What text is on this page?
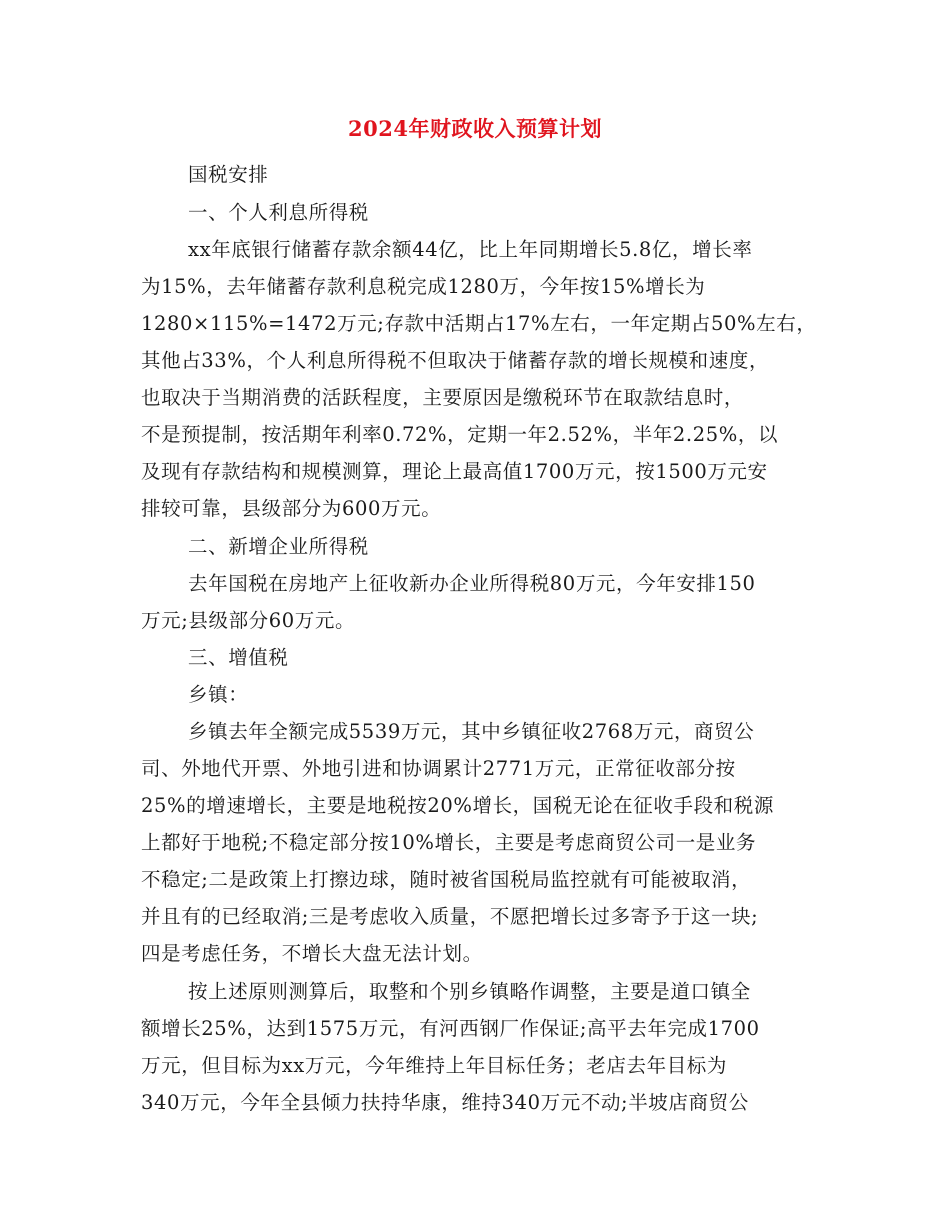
2024年财政收入预算计划
国税安排
一、个人利息所得税
xx年底银行储蓄存款余额44亿，比上年同期增长5.8亿，增长率
为15%，去年储蓄存款利息税完成1280万，今年按15%增长为
1280×115%=1472万元;存款中活期占17%左右，一年定期占50%左右，
其他占33%，个人利息所得税不但取决于储蓄存款的增长规模和速度，
也取决于当期消费的活跃程度，主要原因是缴税环节在取款结息时，
不是预提制，按活期年利率0.72%，定期一年2.52%，半年2.25%，以
及现有存款结构和规模测算，理论上最高值1700万元，按1500万元安
排较可靠，县级部分为600万元。
二、新增企业所得税
去年国税在房地产上征收新办企业所得税80万元，今年安排150
万元;县级部分60万元。
三、增值税
乡镇：
乡镇去年全额完成5539万元，其中乡镇征收2768万元，商贸公
司、外地代开票、外地引进和协调累计2771万元，正常征收部分按
25%的增速增长，主要是地税按20%增长，国税无论在征收手段和税源
上都好于地税;不稳定部分按10%增长，主要是考虑商贸公司一是业务
不稳定;二是政策上打擦边球，随时被省国税局监控就有可能被取消，
并且有的已经取消;三是考虑收入质量，不愿把增长过多寄予于这一块;
四是考虑任务，不增长大盘无法计划。
按上述原则测算后，取整和个别乡镇略作调整，主要是道口镇全
额增长25%，达到1575万元，有河西钢厂作保证;高平去年完成1700
万元，但目标为xx万元，今年维持上年目标任务；老店去年目标为
340万元，今年全县倾力扶持华康，维持340万元不动;半坡店商贸公
